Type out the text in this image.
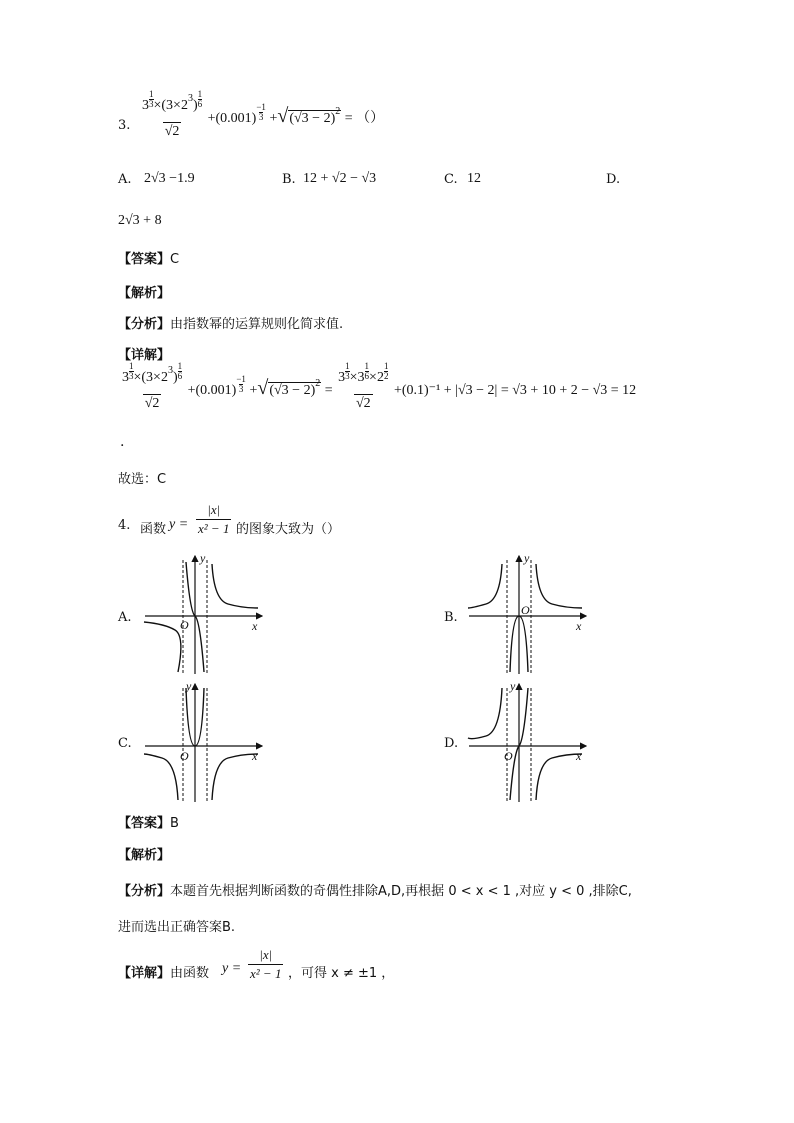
3. $\frac{3 \frac{1}{3} \times(3\times 2^3) \frac{1}{6}}{√2} +(0.001) \frac{-1}{3} +√(√3 - 2)^2$ = （）
A. 2√3 −1.9	B. 12 + √2 − √3	C. 12	D.
2√3 + 8
【答案】C
【解析】
【分析】由指数幂的运算规则化简求值.
【详解】
$\frac{3 \frac{1}{3} \times(3\times 2^3) \frac{1}{6}}{√2} +(0.001) \frac{-1}{3} +√(√3 - 2)^2 = \frac{3 \frac{1}{3} \times 3 \frac{1}{6} \times 2 \frac{1}{2}}{√2} +(0.1)^{-1} + |√3 - 2| = √3 + 10 + 2 - √3 = 12$
.
故选：C
4. 函数 $y = \frac{|x|}{\text{x² − 1}}$ 的图象大致为（）
A.	B.
C.	D.
y
x
O
y
x
O
y
x
O
y
x
O
【答案】B
【解析】
【分析】本题首先根据判断函数的奇偶性排除A,D,再根据 0 < x < 1 ,对应 y < 0 ,排除C,
进而选出正确答案B.
【详解】由函数 $y = \frac{|x|}{\text{x² − 1}}$ ，可得 x ≠ ±1 ，
